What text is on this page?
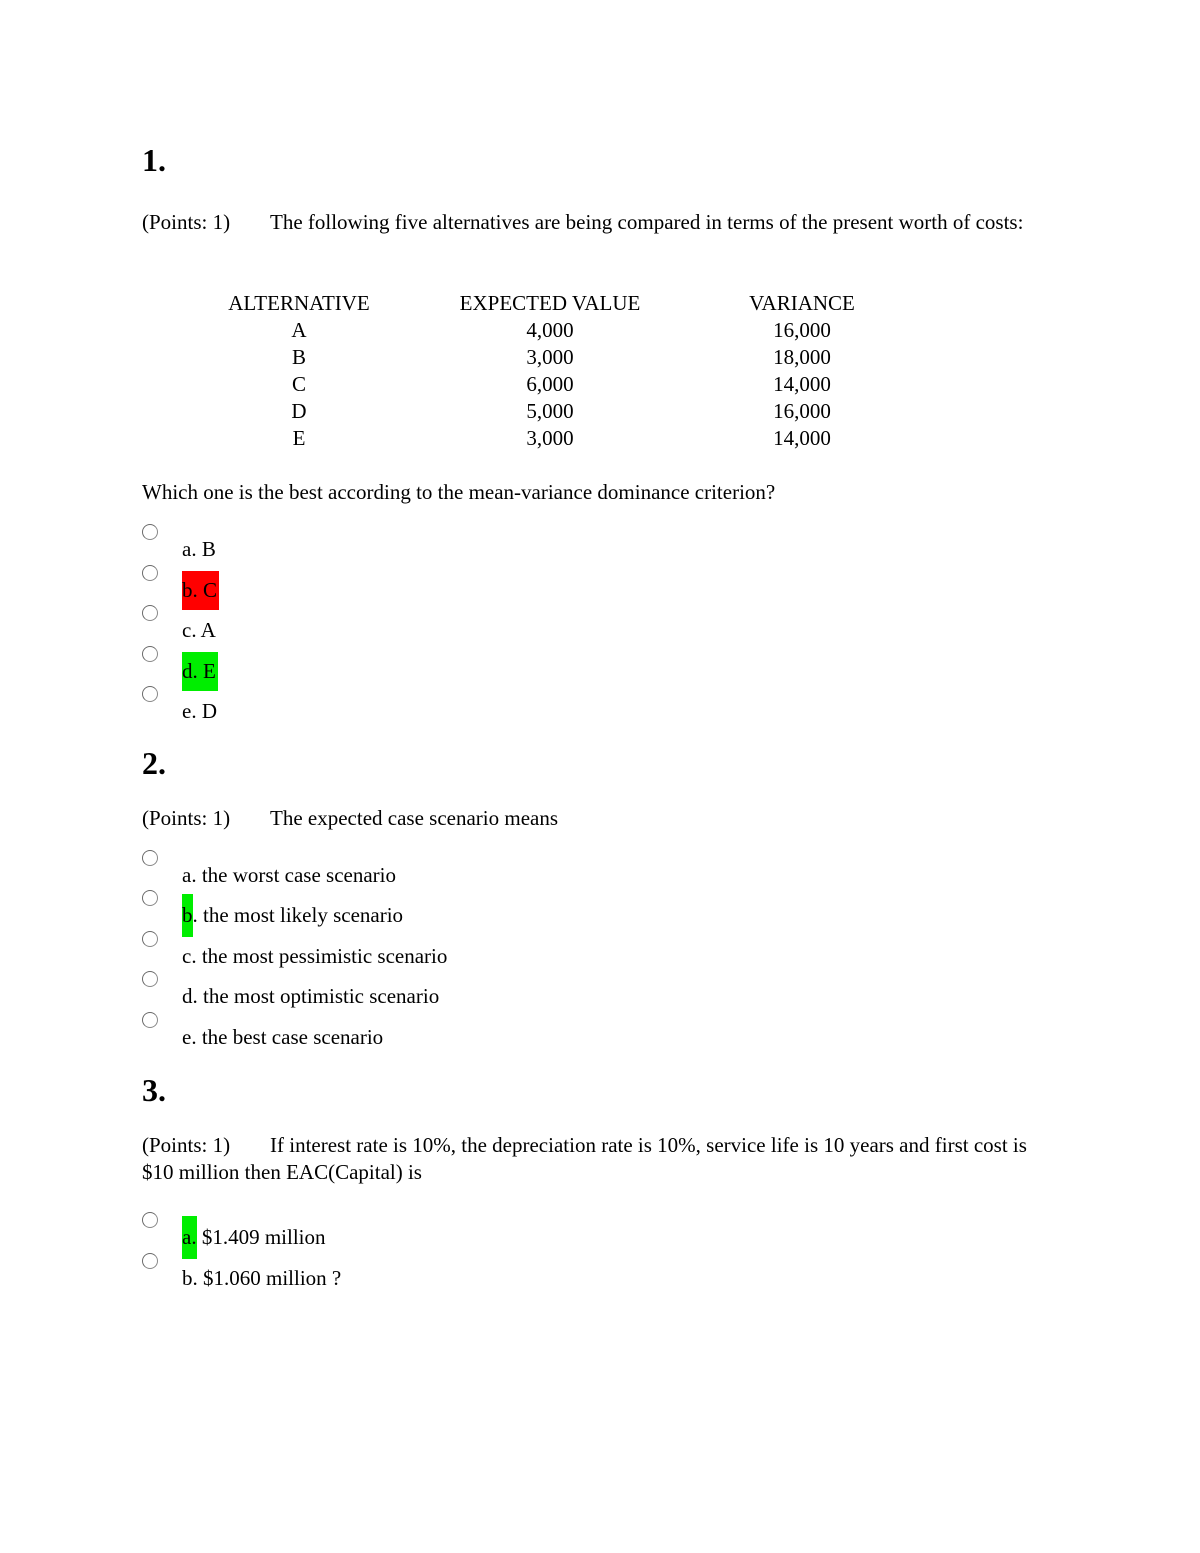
1.
(Points: 1) The following five alternatives are being compared in terms of the present worth of costs:
ALTERNATIVE	EXPECTED VALUE	VARIANCE
A	4,000	16,000
B	3,000	18,000
C	6,000	14,000
D	5,000	16,000
E	3,000	14,000
Which one is the best according to the mean-variance dominance criterion?
a. B
b. C
c. A
d. E
e. D
2.
(Points: 1) The expected case scenario means
a. the worst case scenario
b. the most likely scenario
c. the most pessimistic scenario
d. the most optimistic scenario
e. the best case scenario
3.
(Points: 1) If interest rate is 10%, the depreciation rate is 10%, service life is 10 years and first cost is $10 million then EAC(Capital) is
a. $1.409 million
b. $1.060 million ?
